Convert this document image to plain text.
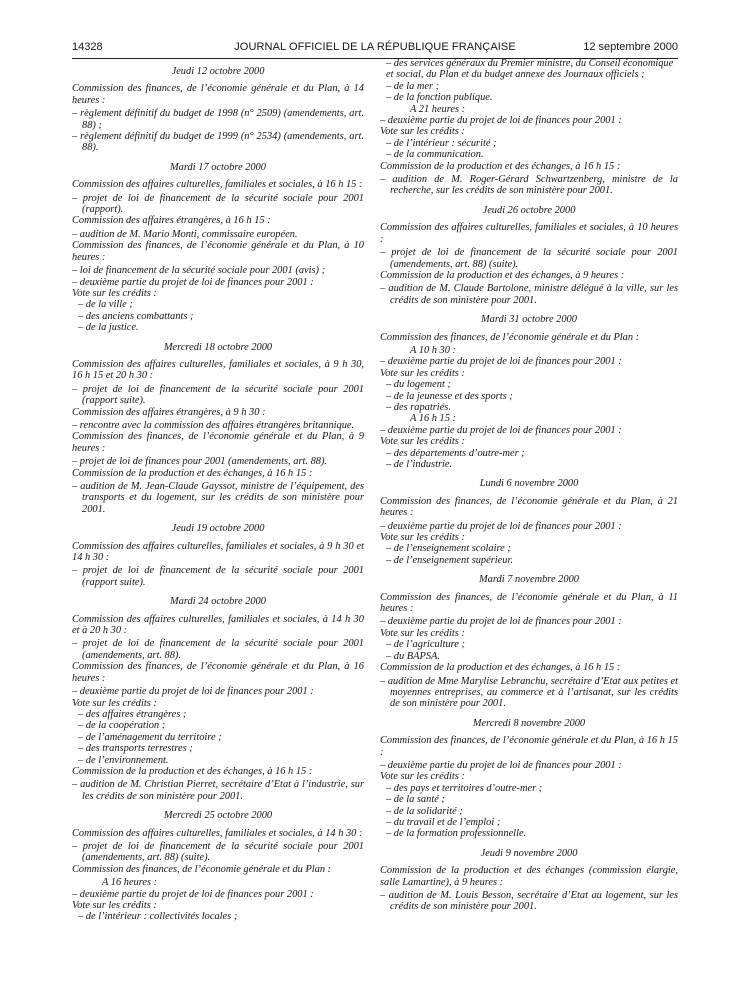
14328	JOURNAL OFFICIEL DE LA RÉPUBLIQUE FRANÇAISE	12 septembre 2000
Jeudi 12 octobre 2000
Commission des finances, de l’économie générale et du Plan, à 14 heures :
– règlement définitif du budget de 1998 (n° 2509) (amendements, art. 88) ;
– règlement définitif du budget de 1999 (n° 2534) (amendements, art. 88).
Mardi 17 octobre 2000
Commission des affaires culturelles, familiales et sociales, à 16 h 15 :
– projet de loi de financement de la sécurité sociale pour 2001 (rapport).
Commission des affaires étrangères, à 16 h 15 :
– audition de M. Mario Monti, commissaire européen.
Commission des finances, de l’économie générale et du Plan, à 10 heures :
– loi de financement de la sécurité sociale pour 2001 (avis) ;
– deuxième partie du projet de loi de finances pour 2001 :
Vote sur les crédits :
– de la ville ;
– des anciens combattants ;
– de la justice.
Mercredi 18 octobre 2000
Commission des affaires culturelles, familiales et sociales, à 9 h 30, 16 h 15 et 20 h 30 :
– projet de loi de financement de la sécurité sociale pour 2001 (rapport suite).
Commission des affaires étrangères, à 9 h 30 :
– rencontre avec la commission des affaires étrangères britannique.
Commission des finances, de l’économie générale et du Plan, à 9 heures :
– projet de loi de finances pour 2001 (amendements, art. 88).
Commission de la production et des échanges, à 16 h 15 :
– audition de M. Jean-Claude Gayssot, ministre de l’équipement, des transports et du logement, sur les crédits de son ministère pour 2001.
Jeudi 19 octobre 2000
Commission des affaires culturelles, familiales et sociales, à 9 h 30 et 14 h 30 :
– projet de loi de financement de la sécurité sociale pour 2001 (rapport suite).
Mardi 24 octobre 2000
Commission des affaires culturelles, familiales et sociales, à 14 h 30 et à 20 h 30 :
– projet de loi de financement de la sécurité sociale pour 2001 (amendements, art. 88).
Commission des finances, de l’économie générale et du Plan, à 16 heures :
– deuxième partie du projet de loi de finances pour 2001 :
Vote sur les crédits :
– des affaires étrangères ;
– de la coopération ;
– de l’aménagement du territoire ;
– des transports terrestres ;
– de l’environnement.
Commission de la production et des échanges, à 16 h 15 :
– audition de M. Christian Pierret, secrétaire d’Etat à l’industrie, sur les crédits de son ministère pour 2001.
Mercredi 25 octobre 2000
Commission des affaires culturelles, familiales et sociales, à 14 h 30 :
– projet de loi de financement de la sécurité sociale pour 2001 (amendements, art. 88) (suite).
Commission des finances, de l’économie générale et du Plan :
A 16 heures :
– deuxième partie du projet de loi de finances pour 2001 :
Vote sur les crédits :
– de l’intérieur : collectivités locales ;
– des services généraux du Premier ministre, du Conseil économique et social, du Plan et du budget annexe des Journaux officiels ;
– de la mer ;
– de la fonction publique.
A 21 heures :
– deuxième partie du projet de loi de finances pour 2001 :
Vote sur les crédits :
– de l’intérieur : sécurité ;
– de la communication.
Commission de la production et des échanges, à 16 h 15 :
– audition de M. Roger-Gérard Schwartzenberg, ministre de la recherche, sur les crédits de son ministère pour 2001.
Jeudi 26 octobre 2000
Commission des affaires culturelles, familiales et sociales, à 10 heures :
– projet de loi de financement de la sécurité sociale pour 2001 (amendements, art. 88) (suite).
Commission de la production et des échanges, à 9 heures :
– audition de M. Claude Bartolone, ministre délégué à la ville, sur les crédits de son ministère pour 2001.
Mardi 31 octobre 2000
Commission des finances, de l’économie générale et du Plan :
A 10 h 30 :
– deuxième partie du projet de loi de finances pour 2001 :
Vote sur les crédits :
– du logement ;
– de la jeunesse et des sports ;
– des rapatriés.
A 16 h 15 :
– deuxième partie du projet de loi de finances pour 2001 :
Vote sur les crédits :
– des départements d’outre-mer ;
– de l’industrie.
Lundi 6 novembre 2000
Commission des finances, de l’économie générale et du Plan, à 21 heures :
– deuxième partie du projet de loi de finances pour 2001 :
Vote sur les crédits :
– de l’enseignement scolaire ;
– de l’enseignement supérieur.
Mardi 7 novembre 2000
Commission des finances, de l’économie générale et du Plan, à 11 heures :
– deuxième partie du projet de loi de finances pour 2001 :
Vote sur les crédits :
– de l’agriculture ;
– du BAPSA.
Commission de la production et des échanges, à 16 h 15 :
– audition de Mme Marylise Lebranchu, secrétaire d’Etat aux petites et moyennes entreprises, au commerce et à l’artisanat, sur les crédits de son ministère pour 2001.
Mercredi 8 novembre 2000
Commission des finances, de l’économie générale et du Plan, à 16 h 15 :
– deuxième partie du projet de loi de finances pour 2001 :
Vote sur les crédits :
– des pays et territoires d’outre-mer ;
– de la santé ;
– de la solidarité ;
– du travail et de l’emploi ;
– de la formation professionnelle.
Jeudi 9 novembre 2000
Commission de la production et des échanges (commission élargie, salle Lamartine), à 9 heures :
– audition de M. Louis Besson, secrétaire d’Etat au logement, sur les crédits de son ministère pour 2001.
